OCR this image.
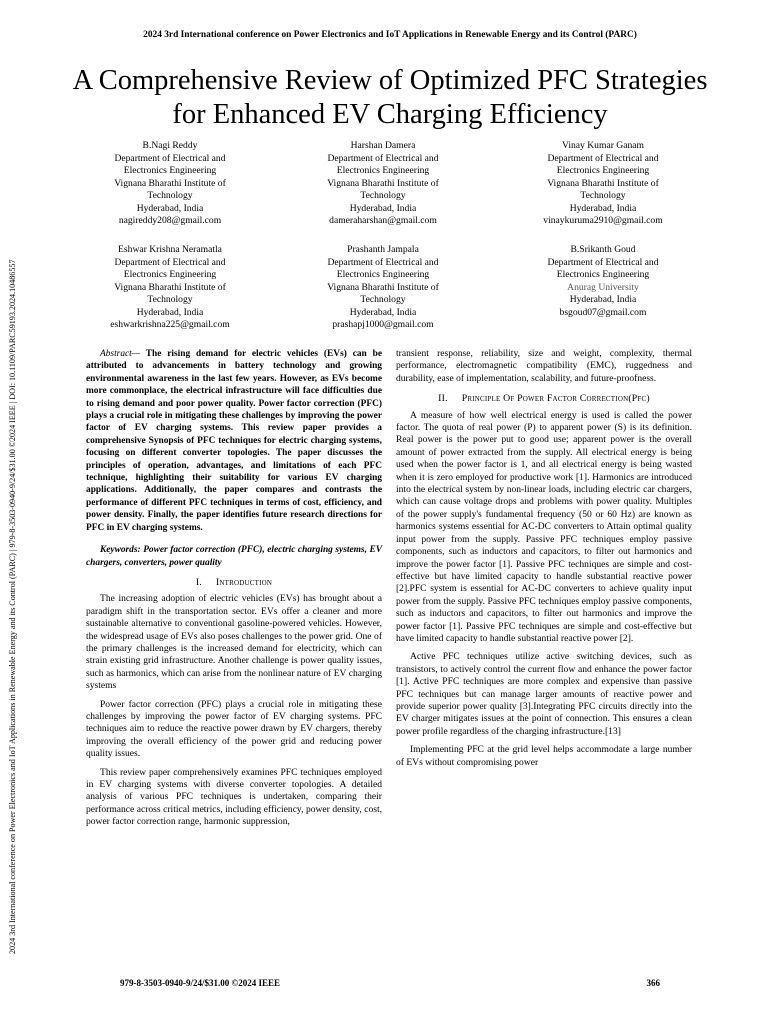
2024 3rd International conference on Power Electronics and IoT Applications in Renewable Energy and its Control (PARC)
2024 3rd International conference on Power Electronics and IoT Applications in Renewable Energy and its Control (PARC) | 979-8-3503-0940-9/24/$31.00 ©2024 IEEE | DOI: 10.1109/PARC59193.2024.10486557
A Comprehensive Review of Optimized PFC Strategies for Enhanced EV Charging Efficiency
B.Nagi Reddy
Department of Electrical and
Electronics Engineering
Vignana Bharathi Institute of
Technology
Hyderabad, India
nagireddy208@gmail.com
Harshan Damera
Department of Electrical and
Electronics Engineering
Vignana Bharathi Institute of
Technology
Hyderabad, India
dameraharshan@gmail.com
Vinay Kumar Ganam
Department of Electrical and
Electronics Engineering
Vignana Bharathi Institute of
Technology
Hyderabad, India
vinaykuruma2910@gmail.com
Eshwar Krishna Neramatla
Department of Electrical and
Electronics Engineering
Vignana Bharathi Institute of
Technology
Hyderabad, India
eshwarkrishna225@gmail.com
Prashanth Jampala
Department of Electrical and
Electronics Engineering
Vignana Bharathi Institute of
Technology
Hyderabad, India
prashapj1000@gmail.com
B.Srikanth Goud
Department of Electrical and
Electronics Engineering
Anurag University
Hyderabad, India
bsgoud07@gmail.com

Abstract— The rising demand for electric vehicles (EVs) can be attributed to advancements in battery technology and growing environmental awareness in the last few years. However, as EVs become more commonplace, the electrical infrastructure will face difficulties due to rising demand and poor power quality. Power factor correction (PFC) plays a crucial role in mitigating these challenges by improving the power factor of EV charging systems. This review paper provides a comprehensive Synopsis of PFC techniques for electric charging systems, focusing on different converter topologies. The paper discusses the principles of operation, advantages, and limitations of each PFC technique, highlighting their suitability for various EV charging applications. Additionally, the paper compares and contrasts the performance of different PFC techniques in terms of cost, efficiency, and power density. Finally, the paper identifies future research directions for PFC in EV charging systems.

Keywords: Power factor correction (PFC), electric charging systems, EV chargers, converters, power quality

I. Introduction

The increasing adoption of electric vehicles (EVs) has brought about a paradigm shift in the transportation sector. EVs offer a cleaner and more sustainable alternative to conventional gasoline-powered vehicles. However, the widespread usage of EVs also poses challenges to the power grid. One of the primary challenges is the increased demand for electricity, which can strain existing grid infrastructure. Another challenge is power quality issues, such as harmonics, which can arise from the nonlinear nature of EV charging systems

Power factor correction (PFC) plays a crucial role in mitigating these challenges by improving the power factor of EV charging systems. PFC techniques aim to reduce the reactive power drawn by EV chargers, thereby improving the overall efficiency of the power grid and reducing power quality issues.

This review paper comprehensively examines PFC techniques employed in EV charging systems with diverse converter topologies. A detailed analysis of various PFC techniques is undertaken, comparing their performance across critical metrics, including efficiency, power density, cost, power factor correction range, harmonic suppression,

transient response, reliability, size and weight, complexity, thermal performance, electromagnetic compatibility (EMC), ruggedness and durability, ease of implementation, scalability, and future-proofness.

II. Principle Of Power Factor Correction(Pfc)

A measure of how well electrical energy is used is called the power factor. The quota of real power (P) to apparent power (S) is its definition. Real power is the power put to good use; apparent power is the overall amount of power extracted from the supply. All electrical energy is being used when the power factor is 1, and all electrical energy is being wasted when it is zero employed for productive work [1]. Harmonics are introduced into the electrical system by non-linear loads, including electric car chargers, which can cause voltage drops and problems with power quality. Multiples of the power supply's fundamental frequency (50 or 60 Hz) are known as harmonics systems essential for AC-DC converters to Attain optimal quality input power from the supply. Passive PFC techniques employ passive components, such as inductors and capacitors, to filter out harmonics and improve the power factor [1]. Passive PFC techniques are simple and cost-effective but have limited capacity to handle substantial reactive power [2].PFC system is essential for AC-DC converters to achieve quality input power from the supply. Passive PFC techniques employ passive components, such as inductors and capacitors, to filter out harmonics and improve the power factor [1]. Passive PFC techniques are simple and cost-effective but have limited capacity to handle substantial reactive power [2].

Active PFC techniques utilize active switching devices, such as transistors, to actively control the current flow and enhance the power factor [1]. Active PFC techniques are more complex and expensive than passive PFC techniques but can manage larger amounts of reactive power and provide superior power quality [3].Integrating PFC circuits directly into the EV charger mitigates issues at the point of connection. This ensures a clean power profile regardless of the charging infrastructure.[13]

Implementing PFC at the grid level helps accommodate a large number of EVs without compromising power

979-8-3503-0940-9/24/$31.00 ©2024 IEEE	366
